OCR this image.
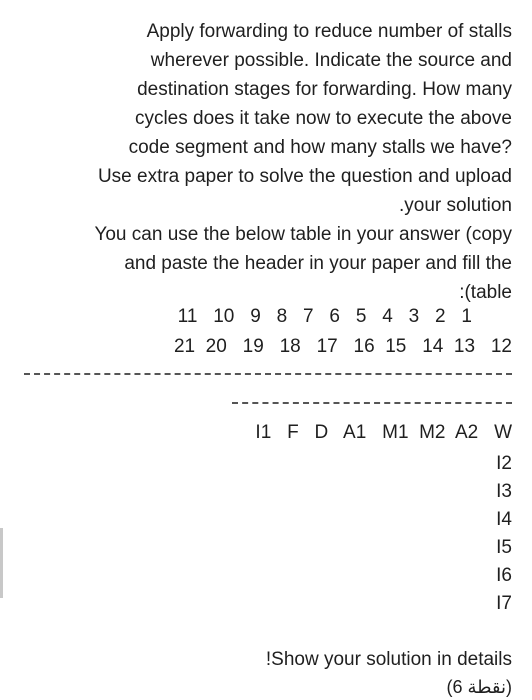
Apply forwarding to reduce number of stalls
wherever possible. Indicate the source and
destination stages for forwarding. How many
cycles does it take now to execute the above
code segment and how many stalls we have?
Use extra paper to solve the question and upload
.your solution
You can use the below table in your answer (copy
and paste the header in your paper and fill the
:(table
11   10   9   8   7   6   5   4   3   2   1
21  20   19   18   17   16  15   14  13   12
I1   F   D   A1   M1  M2  A2   W
I2
I3
I4
I5
I6
I7
!Show your solution in details
(6 نقطة)
